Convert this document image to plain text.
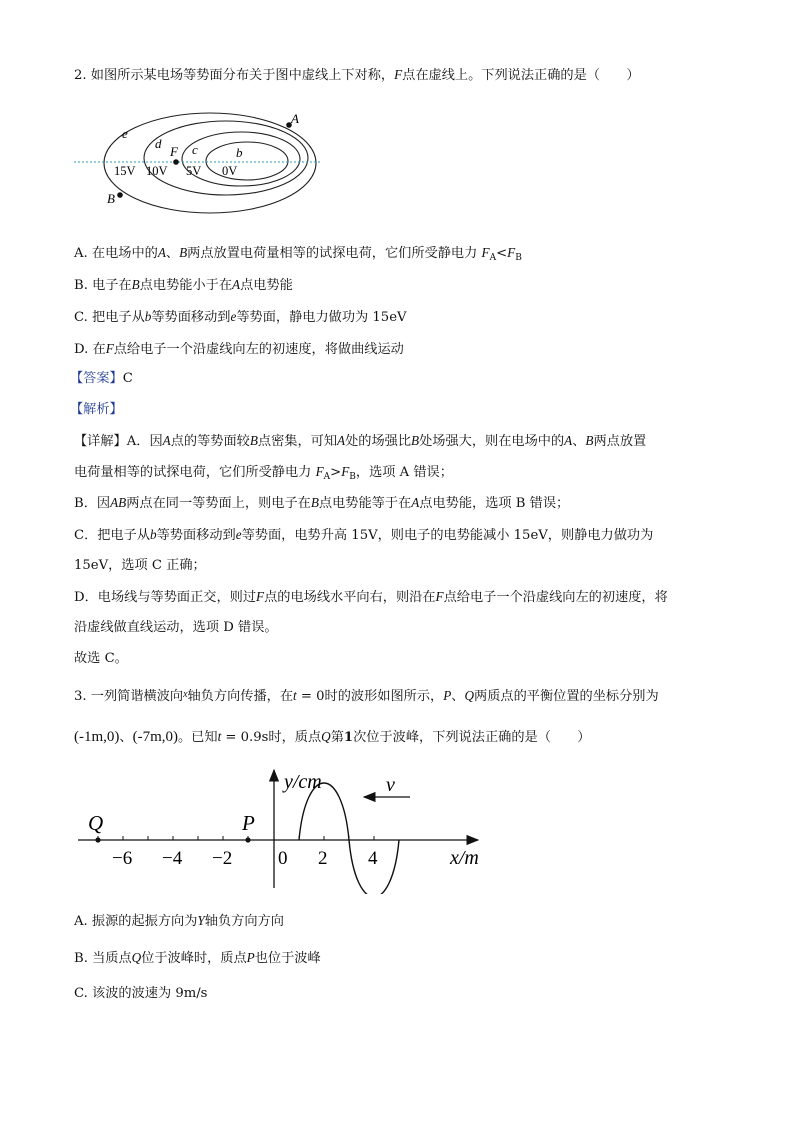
2. 如图所示某电场等势面分布关于图中虚线上下对称，F点在虚线上。下列说法正确的是（　　）
A
F
B
e
d c	b
15V 10V 5V 0V
A. 在电场中的A、B两点放置电荷量相等的试探电荷，它们所受静电力 $F_A<F_B$
B. 电子在B点电势能小于在A点电势能
C. 把电子从b等势面移动到e等势面，静电力做功为 15eV
D. 在F点给电子一个沿虚线向左的初速度，将做曲线运动
【答案】C
【解析】
【详解】A．因A点的等势面较B点密集，可知A处的场强比B处场强大，则在电场中的A、B两点放置
电荷量相等的试探电荷，它们所受静电力 $F_A>F_B$，选项 A 错误；
B．因AB两点在同一等势面上，则电子在B点电势能等于在A点电势能，选项 B 错误；
C．把电子从b等势面移动到e等势面，电势升高 15V，则电子的电势能减小 15eV，则静电力做功为
15eV，选项 C 正确；
D．电场线与等势面正交，则过F点的电场线水平向右，则沿在F点给电子一个沿虚线向左的初速度，将
沿虚线做直线运动，选项 D 错误。
故选 C。
3. 一列简谐横波向$^x$轴负方向传播，在t = 0时的波形如图所示，P、Q两质点的平衡位置的坐标分别为
(-1m,0)、(-7m,0)。已知t = 0.9s时，质点Q第1次位于波峰，下列说法正确的是（　　）
Q	P
−6 −4 −2 0 2 4
y/cm
x/m
v
A. 振源的起振方向为Y轴负方向方向
B. 当质点Q位于波峰时，质点P也位于波峰
C. 该波的波速为 9m/s
